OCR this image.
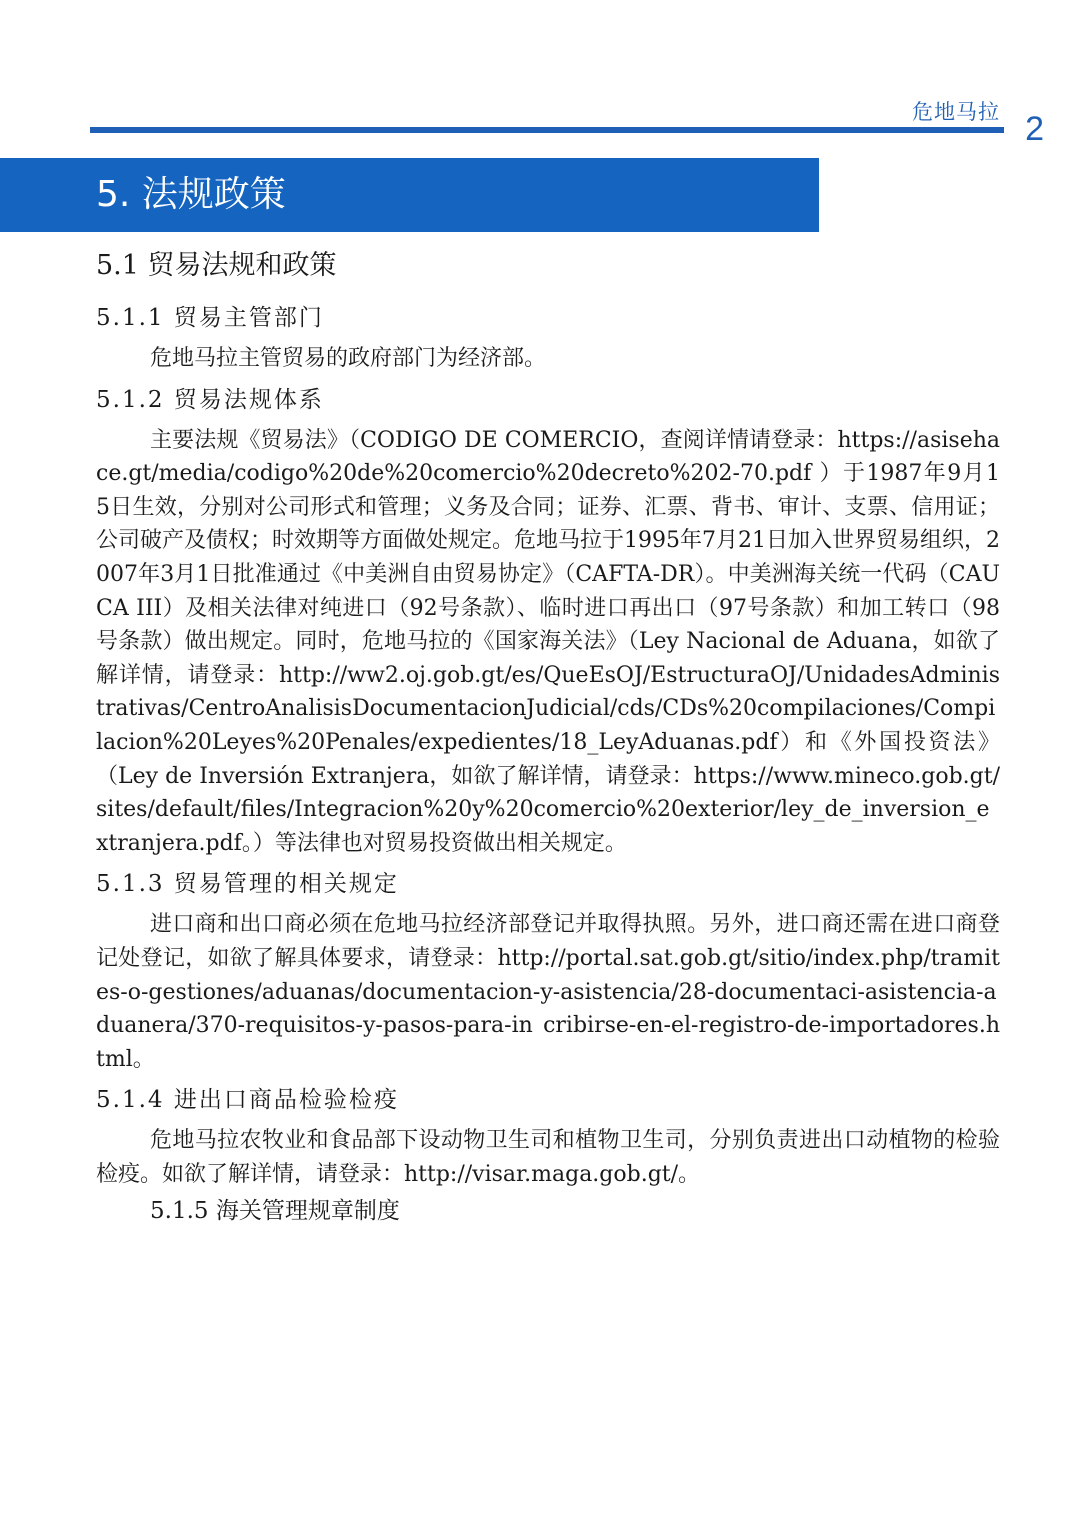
危地马拉 2
5. 法规政策
5.1 贸易法规和政策
5.1.1 贸易主管部门

危地马拉主管贸易的政府部门为经济部。

5.1.2 贸易法规体系

主要法规《贸易法》（CODIGO DE COMERCIO，查阅详情请登录：https://asisehace.gt/media/codigo%20de%20comercio%20decreto%202-70.pdf ）于1987年9月15日生效，分别对公司形式和管理；义务及合同；证券、汇票、背书、审计、支票、信用证；公司破产及债权；时效期等方面做处规定。危地马拉于1995年7月21日加入世界贸易组织，2007年3月1日批准通过《中美洲自由贸易协定》（CAFTA-DR）。中美洲海关统一代码（CAUCA III）及相关法律对纯进口（92号条款）、临时进口再出口（97号条款）和加工转口（98号条款）做出规定。同时，危地马拉的《国家海关法》（Ley Nacional de Aduana，如欲了解详情，请登录：http://ww2.oj.gob.gt/es/QueEsOJ/EstructuraOJ/UnidadesAdministrativas/CentroAnalisisDocumentacionJudicial/cds/CDs%20compilaciones/Compilacion%20Leyes%20Penales/expedientes/18_LeyAduanas.pdf）和《外国投资法》（Ley de Inversión Extranjera，如欲了解详情，请登录：https://www.mineco.gob.gt/sites/default/files/Integracion%20y%20comercio%20exterior/ley_de_inversion_extranjera.pdf。）等法律也对贸易投资做出相关规定。

5.1.3 贸易管理的相关规定

进口商和出口商必须在危地马拉经济部登记并取得执照。另外，进口商还需在进口商登记处登记，如欲了解具体要求，请登录：http://portal.sat.gob.gt/sitio/index.php/tramites-o-gestiones/aduanas/documentacion-y-asistencia/28-documentaci-asistencia-aduanera/370-requisitos-y-pasos-para-in cribirse-en-el-registro-de-importadores.html。

5.1.4 进出口商品检验检疫

危地马拉农牧业和食品部下设动物卫生司和植物卫生司，分别负责进出口动植物的检验检疫。如欲了解详情，请登录：http://visar.maga.gob.gt/。

5.1.5 海关管理规章制度
